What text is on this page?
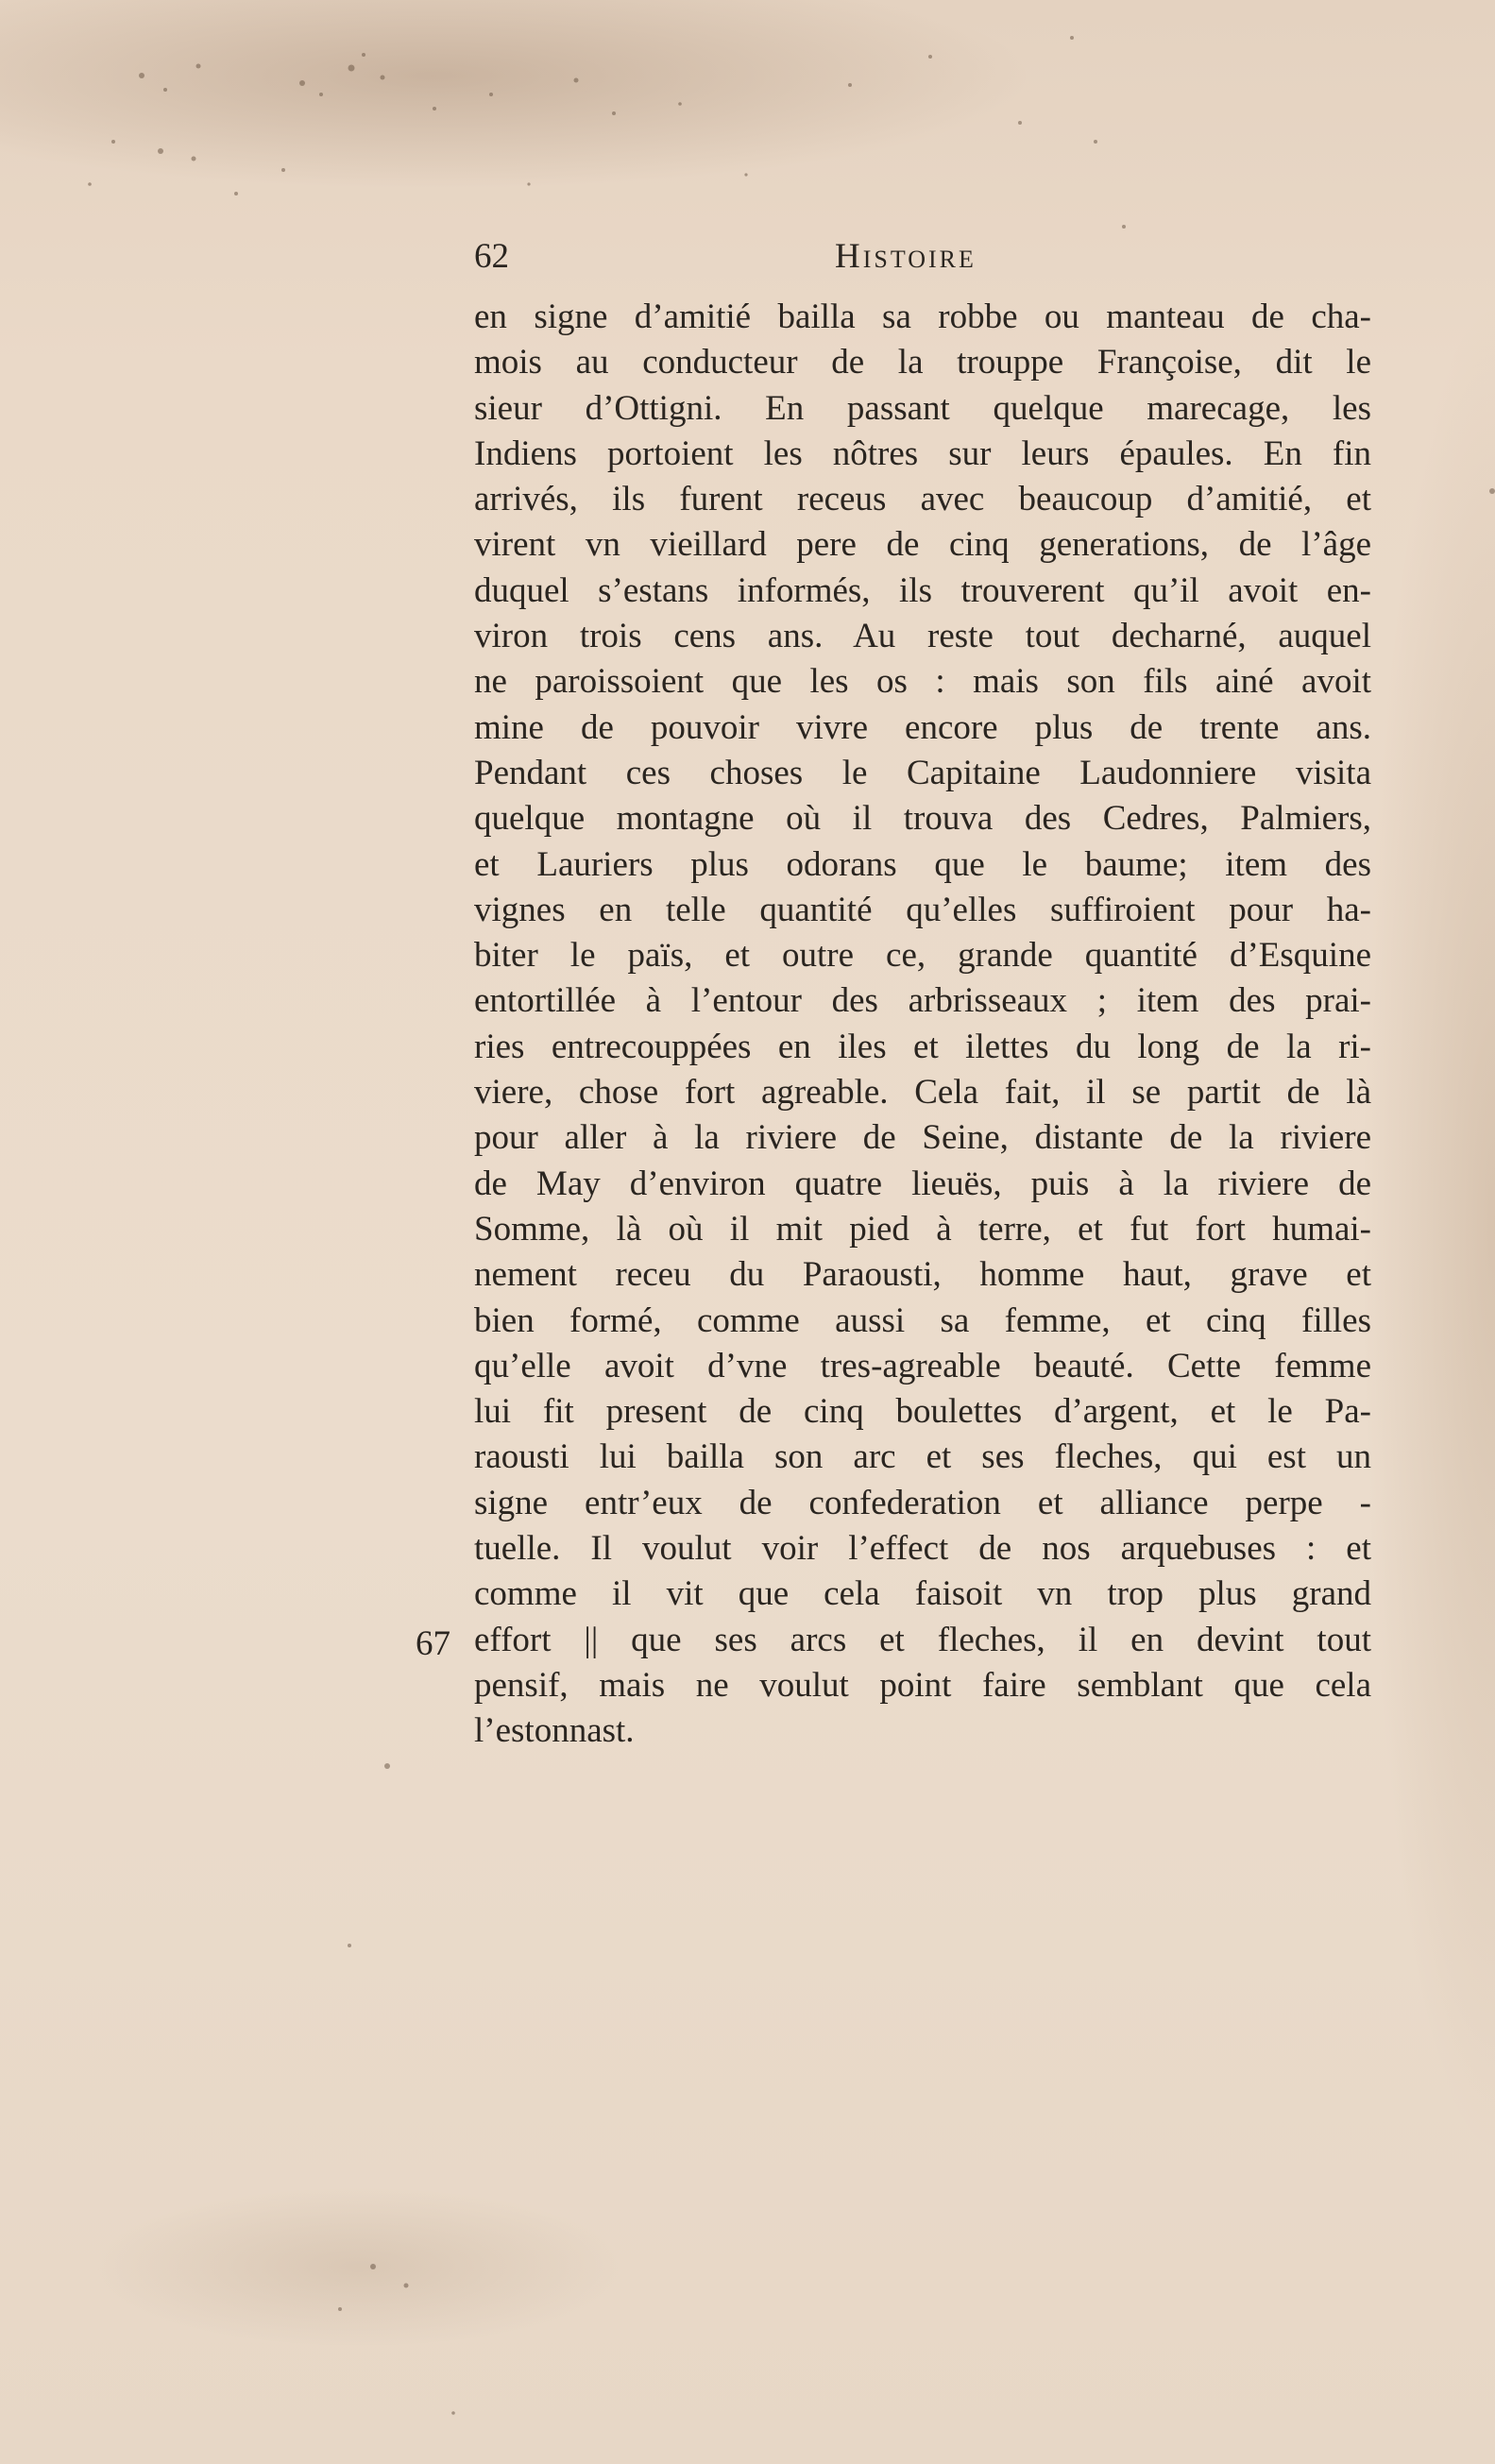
62	Histoire
67
en signe d’amitié bailla sa robbe ou manteau de cha-
mois au conducteur de la trouppe Françoise, dit le
sieur d’Ottigni. En passant quelque marecage, les
Indiens portoient les nôtres sur leurs épaules. En fin
arrivés, ils furent receus avec beaucoup d’amitié, et
virent vn vieillard pere de cinq generations, de l’âge
duquel s’estans informés, ils trouverent qu’il avoit en-
viron trois cens ans. Au reste tout decharné, auquel
ne paroissoient que les os : mais son fils ainé avoit
mine de pouvoir vivre encore plus de trente ans.
Pendant ces choses le Capitaine Laudonniere visita
quelque montagne où il trouva des Cedres, Palmiers,
et Lauriers plus odorans que le baume; item des
vignes en telle quantité qu’elles suffiroient pour ha-
biter le païs, et outre ce, grande quantité d’Esquine
entortillée à l’entour des arbrisseaux ; item des prai-
ries entrecouppées en iles et ilettes du long de la ri-
viere, chose fort agreable. Cela fait, il se partit de là
pour aller à la riviere de Seine, distante de la riviere
de May d’environ quatre lieuës, puis à la riviere de
Somme, là où il mit pied à terre, et fut fort humai-
nement receu du Paraousti, homme haut, grave et
bien formé, comme aussi sa femme, et cinq filles
qu’elle avoit d’vne tres-agreable beauté. Cette femme
lui fit present de cinq boulettes d’argent, et le Pa-
raousti lui bailla son arc et ses fleches, qui est un
signe entr’eux de confederation et alliance perpe -
tuelle. Il voulut voir l’effect de nos arquebuses : et
comme il vit que cela faisoit vn trop plus grand
effort || que ses arcs et fleches, il en devint tout
pensif, mais ne voulut point faire semblant que cela
l’estonnast.
